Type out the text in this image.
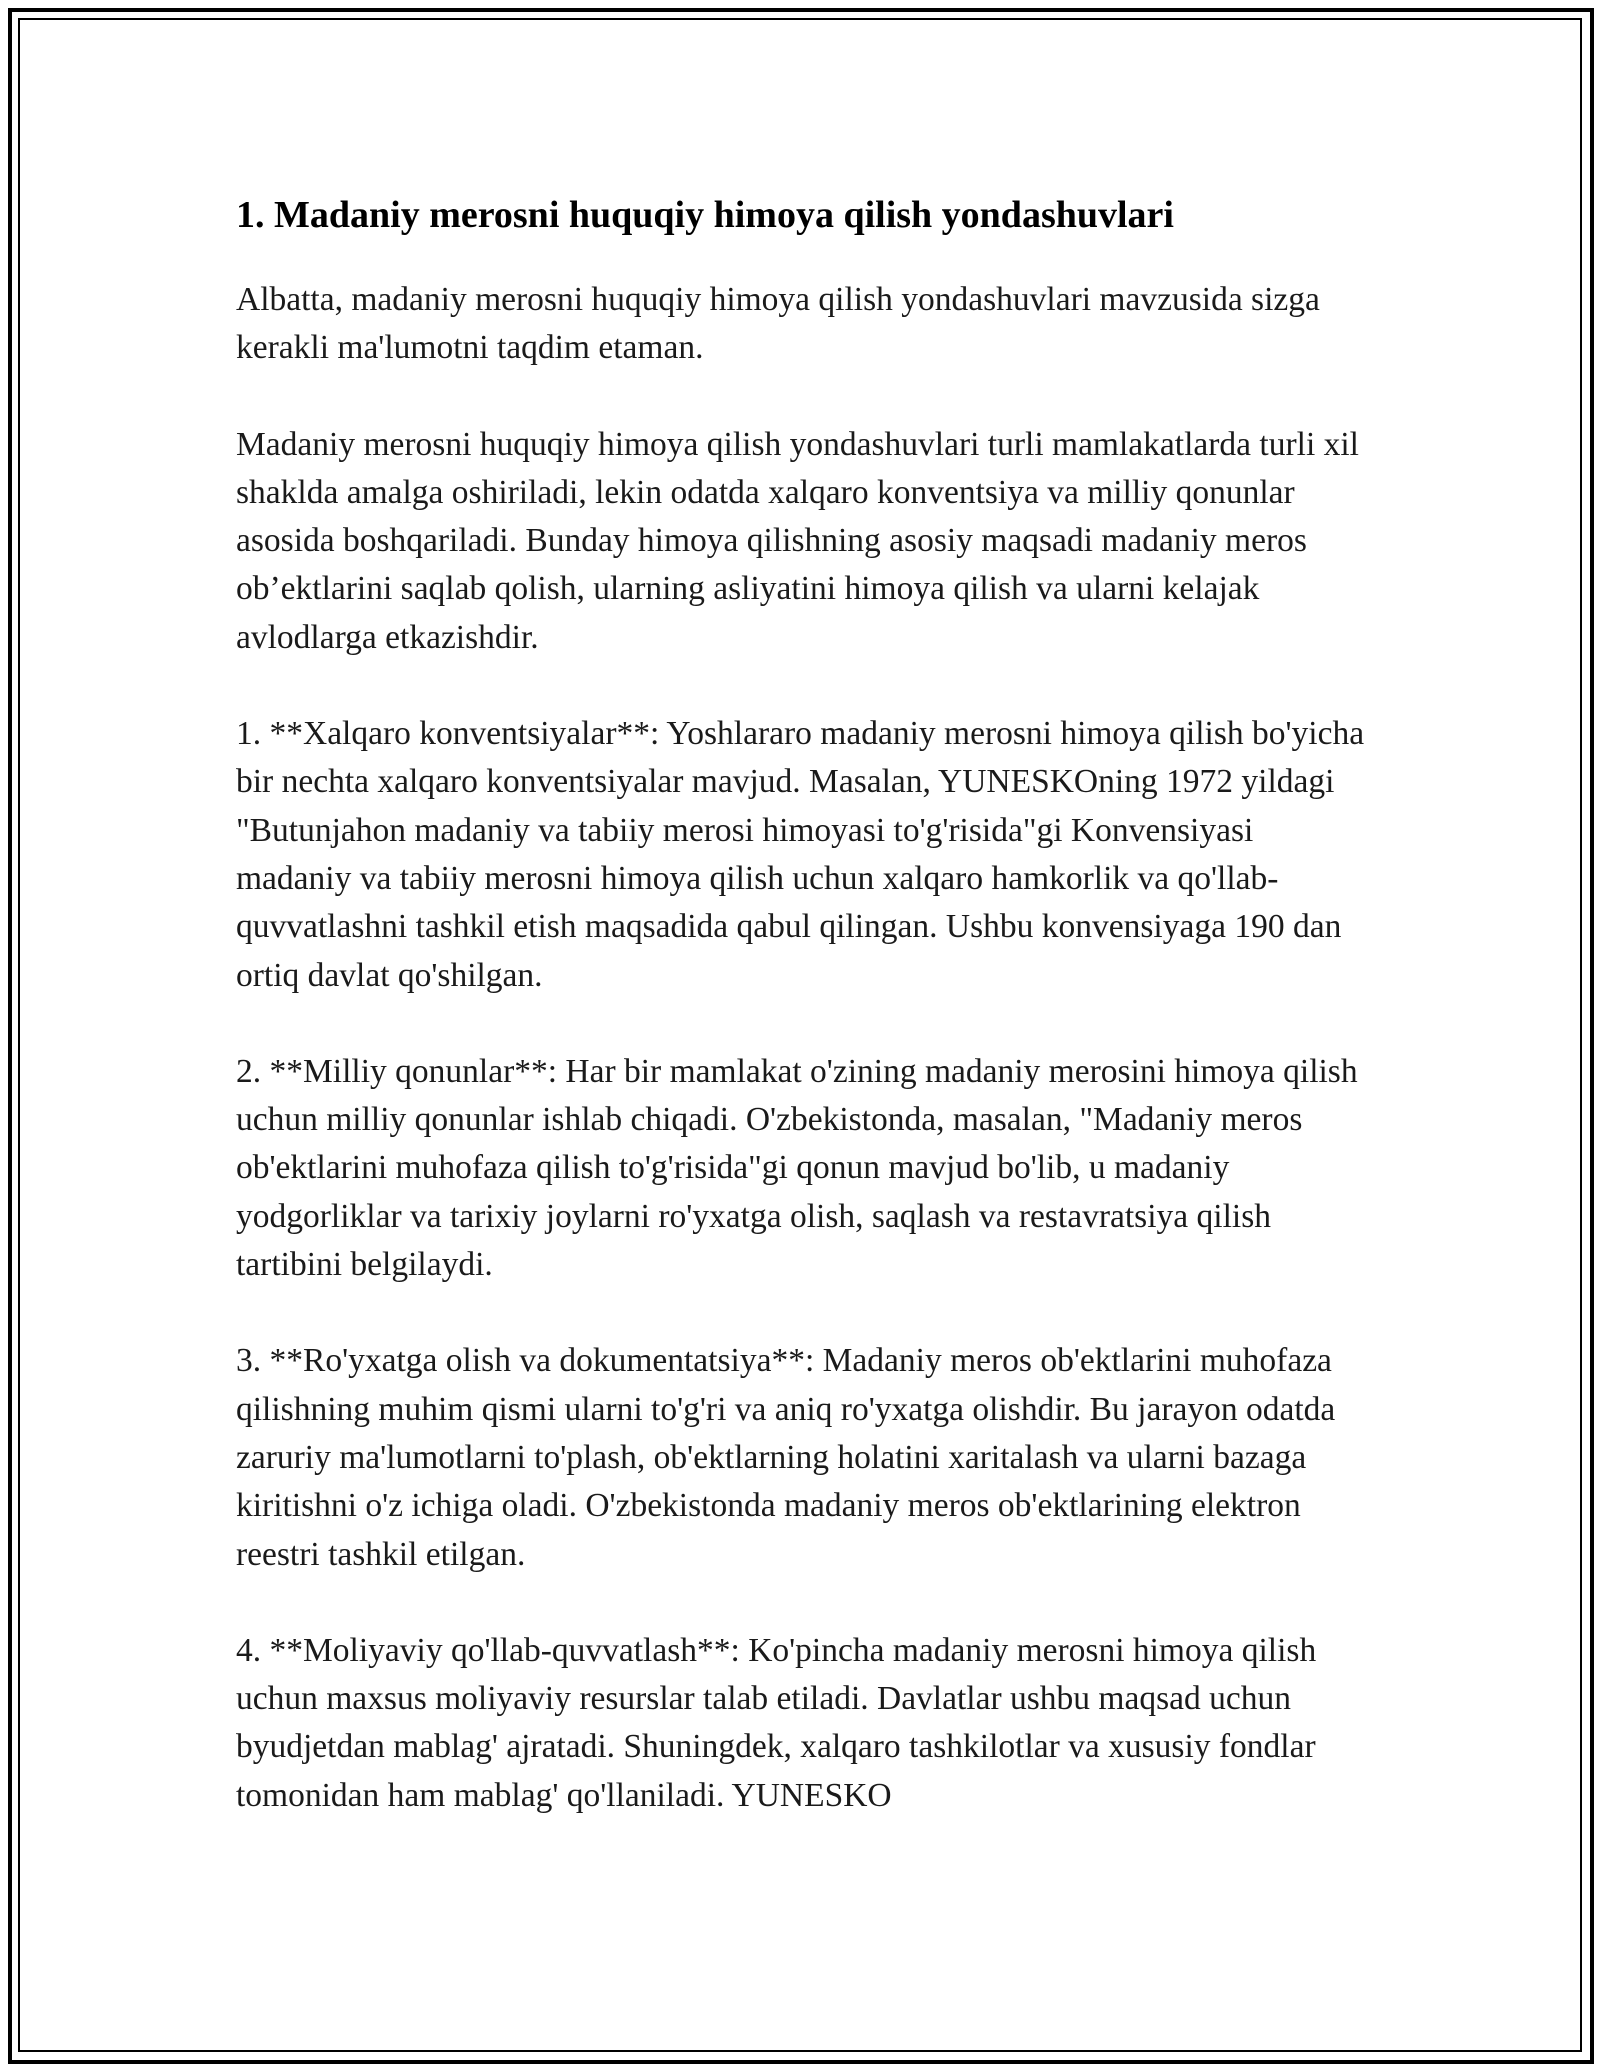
1. Madaniy merosni huquqiy himoya qilish yondashuvlari

Albatta, madaniy merosni huquqiy himoya qilish yondashuvlari mavzusida sizga kerakli ma'lumotni taqdim etaman.

Madaniy merosni huquqiy himoya qilish yondashuvlari turli mamlakatlarda turli xil shaklda amalga oshiriladi, lekin odatda xalqaro konventsiya va milliy qonunlar asosida boshqariladi. Bunday himoya qilishning asosiy maqsadi madaniy meros ob’ektlarini saqlab qolish, ularning asliyatini himoya qilish va ularni kelajak avlodlarga etkazishdir.

1. **Xalqaro konventsiyalar**: Yoshlararo madaniy merosni himoya qilish bo'yicha bir nechta xalqaro konventsiyalar mavjud. Masalan, YUNESKOning 1972 yildagi "Butunjahon madaniy va tabiiy merosi himoyasi to'g'risida"gi Konvensiyasi madaniy va tabiiy merosni himoya qilish uchun xalqaro hamkorlik va qo'llab-quvvatlashni tashkil etish maqsadida qabul qilingan. Ushbu konvensiyaga 190 dan ortiq davlat qo'shilgan.

2. **Milliy qonunlar**: Har bir mamlakat o'zining madaniy merosini himoya qilish uchun milliy qonunlar ishlab chiqadi. O'zbekistonda, masalan, "Madaniy meros ob'ektlarini muhofaza qilish to'g'risida"gi qonun mavjud bo'lib, u madaniy yodgorliklar va tarixiy joylarni ro'yxatga olish, saqlash va restavratsiya qilish tartibini belgilaydi.

3. **Ro'yxatga olish va dokumentatsiya**: Madaniy meros ob'ektlarini muhofaza qilishning muhim qismi ularni to'g'ri va aniq ro'yxatga olishdir. Bu jarayon odatda zaruriy ma'lumotlarni to'plash, ob'ektlarning holatini xaritalash va ularni bazaga kiritishni o'z ichiga oladi. O'zbekistonda madaniy meros ob'ektlarining elektron reestri tashkil etilgan.

4. **Moliyaviy qo'llab-quvvatlash**: Ko'pincha madaniy merosni himoya qilish uchun maxsus moliyaviy resurslar talab etiladi. Davlatlar ushbu maqsad uchun byudjetdan mablag' ajratadi. Shuningdek, xalqaro tashkilotlar va xususiy fondlar tomonidan ham mablag' qo'llaniladi. YUNESKO
